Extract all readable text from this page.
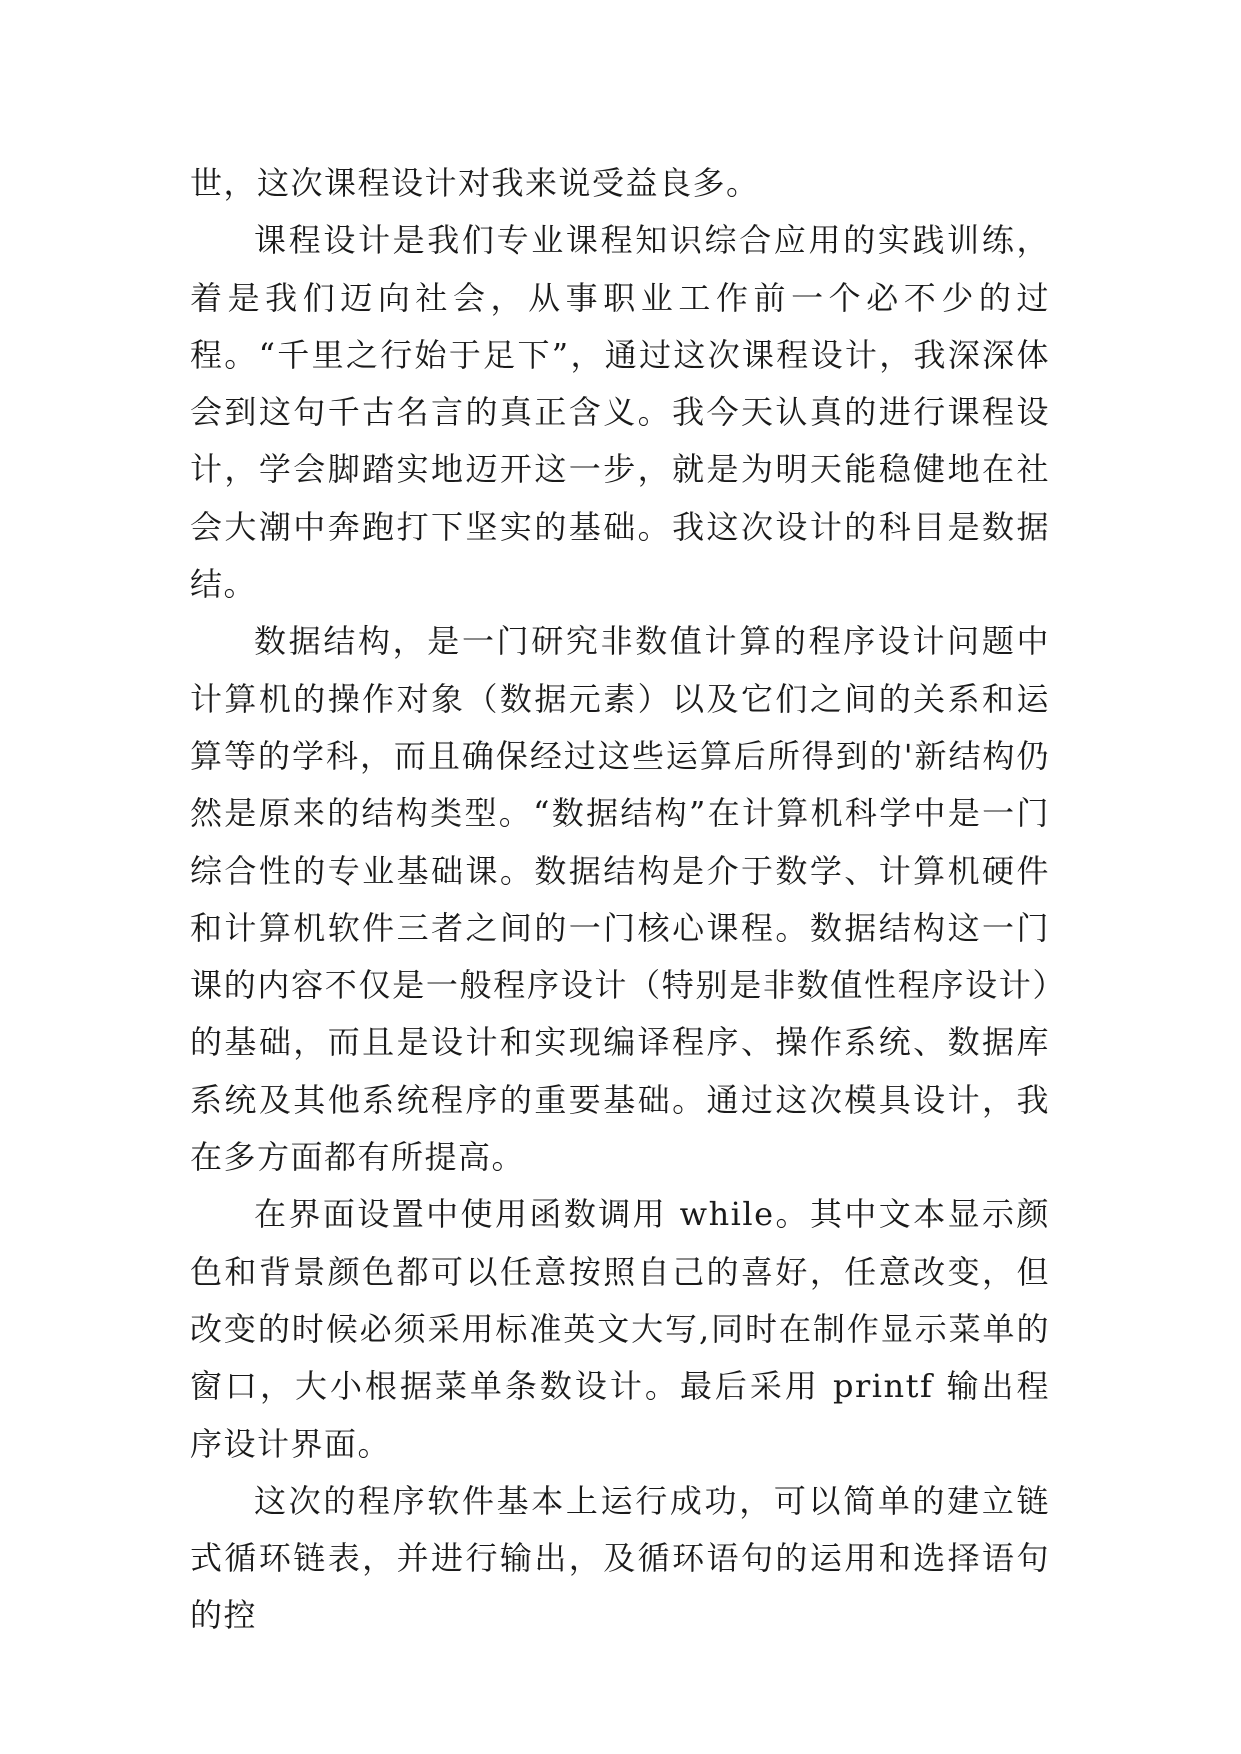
世，这次课程设计对我来说受益良多。

课程设计是我们专业课程知识综合应用的实践训练，着是我们迈向社会，从事职业工作前一个必不少的过程。“千里之行始于足下”，通过这次课程设计，我深深体会到这句千古名言的真正含义。我今天认真的进行课程设计，学会脚踏实地迈开这一步，就是为明天能稳健地在社会大潮中奔跑打下坚实的基础。我这次设计的科目是数据结。

数据结构，是一门研究非数值计算的程序设计问题中计算机的操作对象（数据元素）以及它们之间的关系和运算等的学科，而且确保经过这些运算后所得到的'新结构仍然是原来的结构类型。“数据结构”在计算机科学中是一门综合性的专业基础课。数据结构是介于数学、计算机硬件和计算机软件三者之间的一门核心课程。数据结构这一门课的内容不仅是一般程序设计（特别是非数值性程序设计）的基础，而且是设计和实现编译程序、操作系统、数据库系统及其他系统程序的重要基础。通过这次模具设计，我在多方面都有所提高。

在界面设置中使用函数调用 while。其中文本显示颜色和背景颜色都可以任意按照自己的喜好，任意改变，但改变的时候必须采用标准英文大写,同时在制作显示菜单的窗口，大小根据菜单条数设计。最后采用 printf 输出程序设计界面。

这次的程序软件基本上运行成功，可以简单的建立链式循环链表，并进行输出，及循环语句的运用和选择语句的控
